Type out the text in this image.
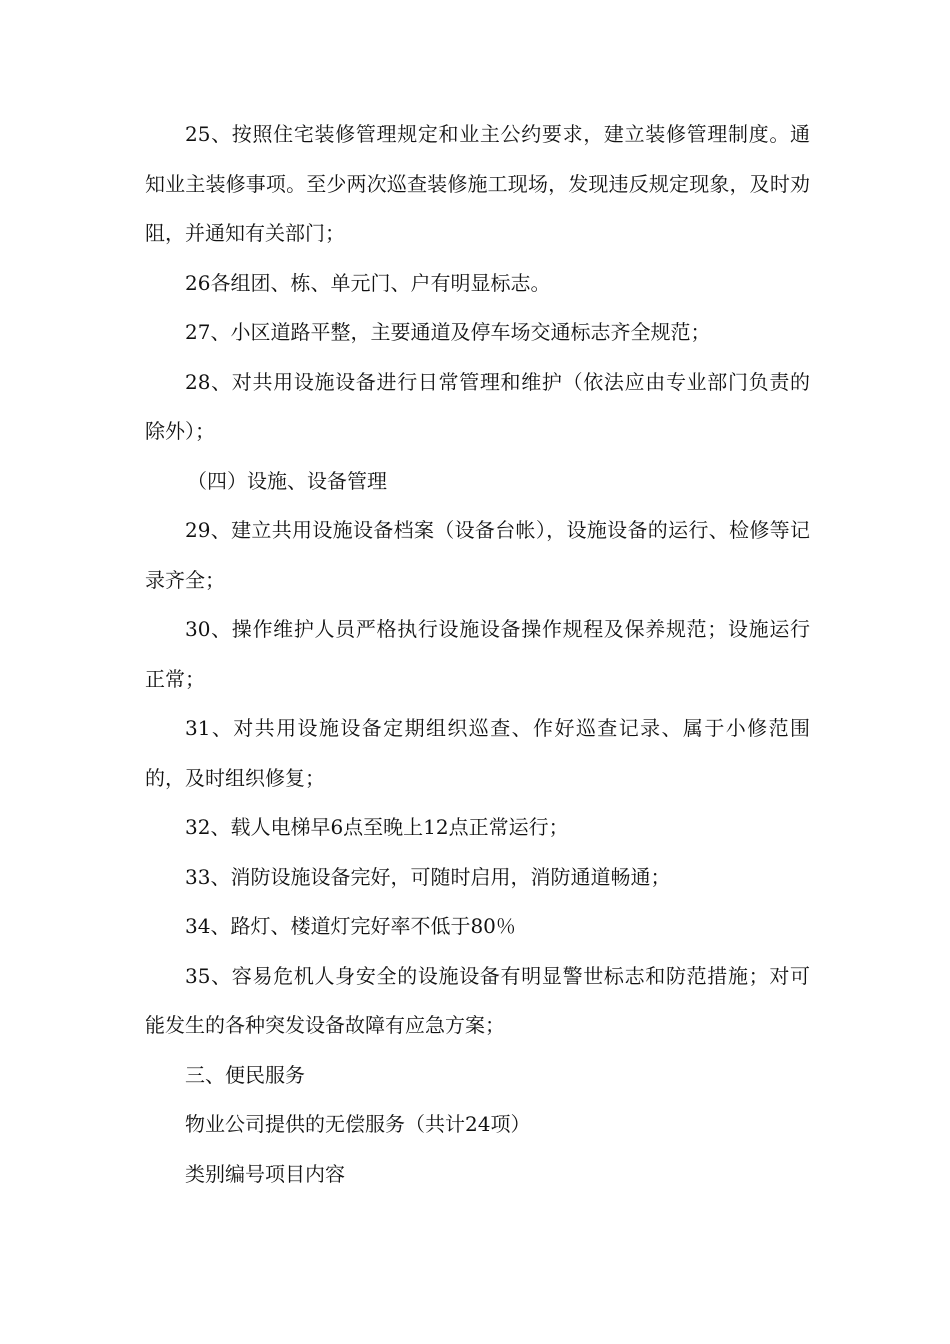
25、按照住宅装修管理规定和业主公约要求，建立装修管理制度。通知业主装修事项。至少两次巡查装修施工现场，发现违反规定现象，及时劝阻，并通知有关部门；

26各组团、栋、单元门、户有明显标志。

27、小区道路平整，主要通道及停车场交通标志齐全规范；

28、对共用设施设备进行日常管理和维护（依法应由专业部门负责的除外）；

（四）设施、设备管理

29、建立共用设施设备档案（设备台帐），设施设备的运行、检修等记录齐全；

30、操作维护人员严格执行设施设备操作规程及保养规范；设施运行正常；

31、对共用设施设备定期组织巡查、作好巡查记录、属于小修范围的，及时组织修复；

32、载人电梯早6点至晚上12点正常运行；

33、消防设施设备完好，可随时启用，消防通道畅通；

34、路灯、楼道灯完好率不低于80％

35、容易危机人身安全的设施设备有明显警世标志和防范措施；对可能发生的各种突发设备故障有应急方案；

三、便民服务

物业公司提供的无偿服务（共计24项）

类别编号项目内容
